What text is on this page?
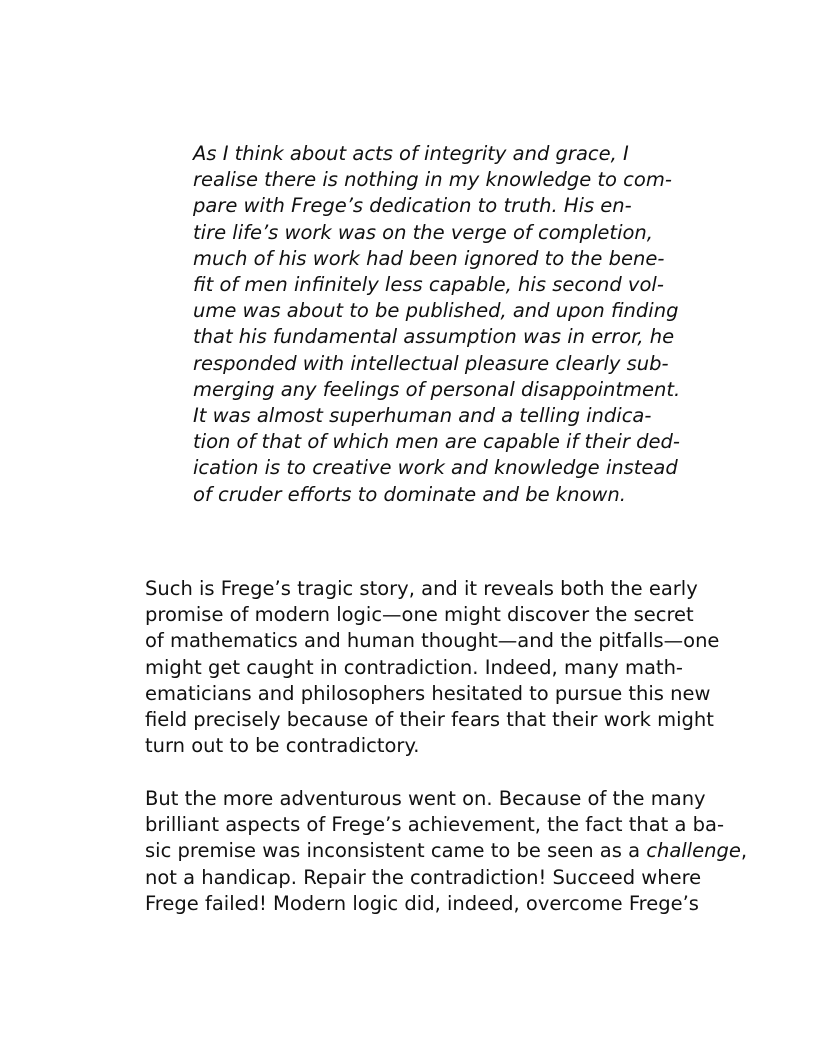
As I think about acts of integrity and grace, I
realise there is nothing in my knowledge to com-
pare with Frege’s dedication to truth. His en-
tire life’s work was on the verge of completion,
much of his work had been ignored to the bene-
fit of men infinitely less capable, his second vol-
ume was about to be published, and upon finding
that his fundamental assumption was in error, he
responded with intellectual pleasure clearly sub-
merging any feelings of personal disappointment.
It was almost superhuman and a telling indica-
tion of that of which men are capable if their ded-
ication is to creative work and knowledge instead
of cruder efforts to dominate and be known.

Such is Frege’s tragic story, and it reveals both the early
promise of modern logic—one might discover the secret
of mathematics and human thought—and the pitfalls—one
might get caught in contradiction. Indeed, many math-
ematicians and philosophers hesitated to pursue this new
field precisely because of their fears that their work might
turn out to be contradictory.

But the more adventurous went on. Because of the many
brilliant aspects of Frege’s achievement, the fact that a ba-
sic premise was inconsistent came to be seen as a challenge,
not a handicap. Repair the contradiction! Succeed where
Frege failed! Modern logic did, indeed, overcome Frege’s
